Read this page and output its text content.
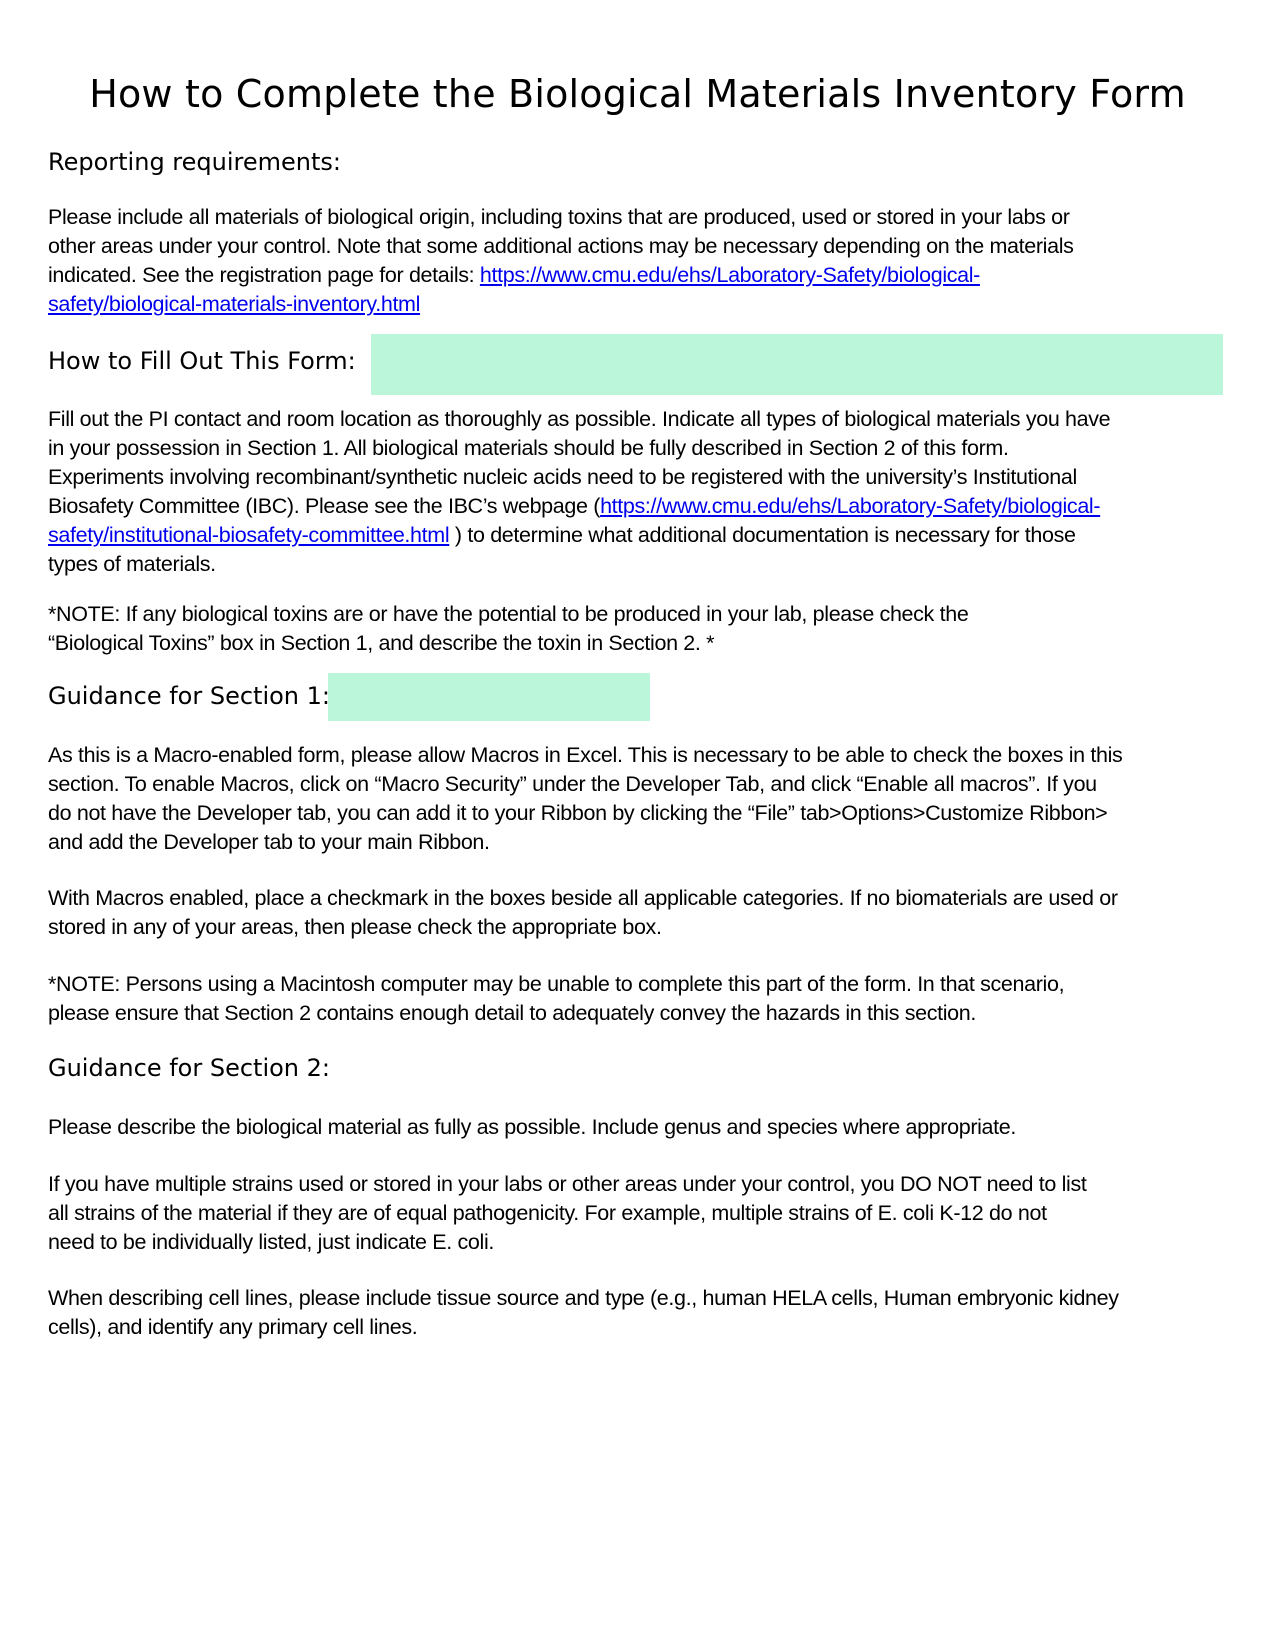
How to Complete the Biological Materials Inventory Form
Reporting requirements:

Please include all materials of biological origin, including toxins that are produced, used or stored in your labs or
other areas under your control. Note that some additional actions may be necessary depending on the materials
indicated. See the registration page for details: https://www.cmu.edu/ehs/Laboratory-Safety/biological-
safety/biological-materials-inventory.html

How to Fill Out This Form:

Fill out the PI contact and room location as thoroughly as possible. Indicate all types of biological materials you have
in your possession in Section 1. All biological materials should be fully described in Section 2 of this form.
Experiments involving recombinant/synthetic nucleic acids need to be registered with the university’s Institutional
Biosafety Committee (IBC). Please see the IBC’s webpage (https://www.cmu.edu/ehs/Laboratory-Safety/biological-
safety/institutional-biosafety-committee.html ) to determine what additional documentation is necessary for those
types of materials.

*NOTE: If any biological toxins are or have the potential to be produced in your lab, please check the
“Biological Toxins” box in Section 1, and describe the toxin in Section 2. *

Guidance for Section 1:

As this is a Macro-enabled form, please allow Macros in Excel. This is necessary to be able to check the boxes in this
section. To enable Macros, click on “Macro Security” under the Developer Tab, and click “Enable all macros”. If you
do not have the Developer tab, you can add it to your Ribbon by clicking the “File” tab>Options>Customize Ribbon>
and add the Developer tab to your main Ribbon.

With Macros enabled, place a checkmark in the boxes beside all applicable categories. If no biomaterials are used or
stored in any of your areas, then please check the appropriate box.

*NOTE: Persons using a Macintosh computer may be unable to complete this part of the form. In that scenario,
please ensure that Section 2 contains enough detail to adequately convey the hazards in this section.

Guidance for Section 2:

Please describe the biological material as fully as possible. Include genus and species where appropriate.

If you have multiple strains used or stored in your labs or other areas under your control, you DO NOT need to list
all strains of the material if they are of equal pathogenicity. For example, multiple strains of E. coli K-12 do not
need to be individually listed, just indicate E. coli.

When describing cell lines, please include tissue source and type (e.g., human HELA cells, Human embryonic kidney
cells), and identify any primary cell lines.
